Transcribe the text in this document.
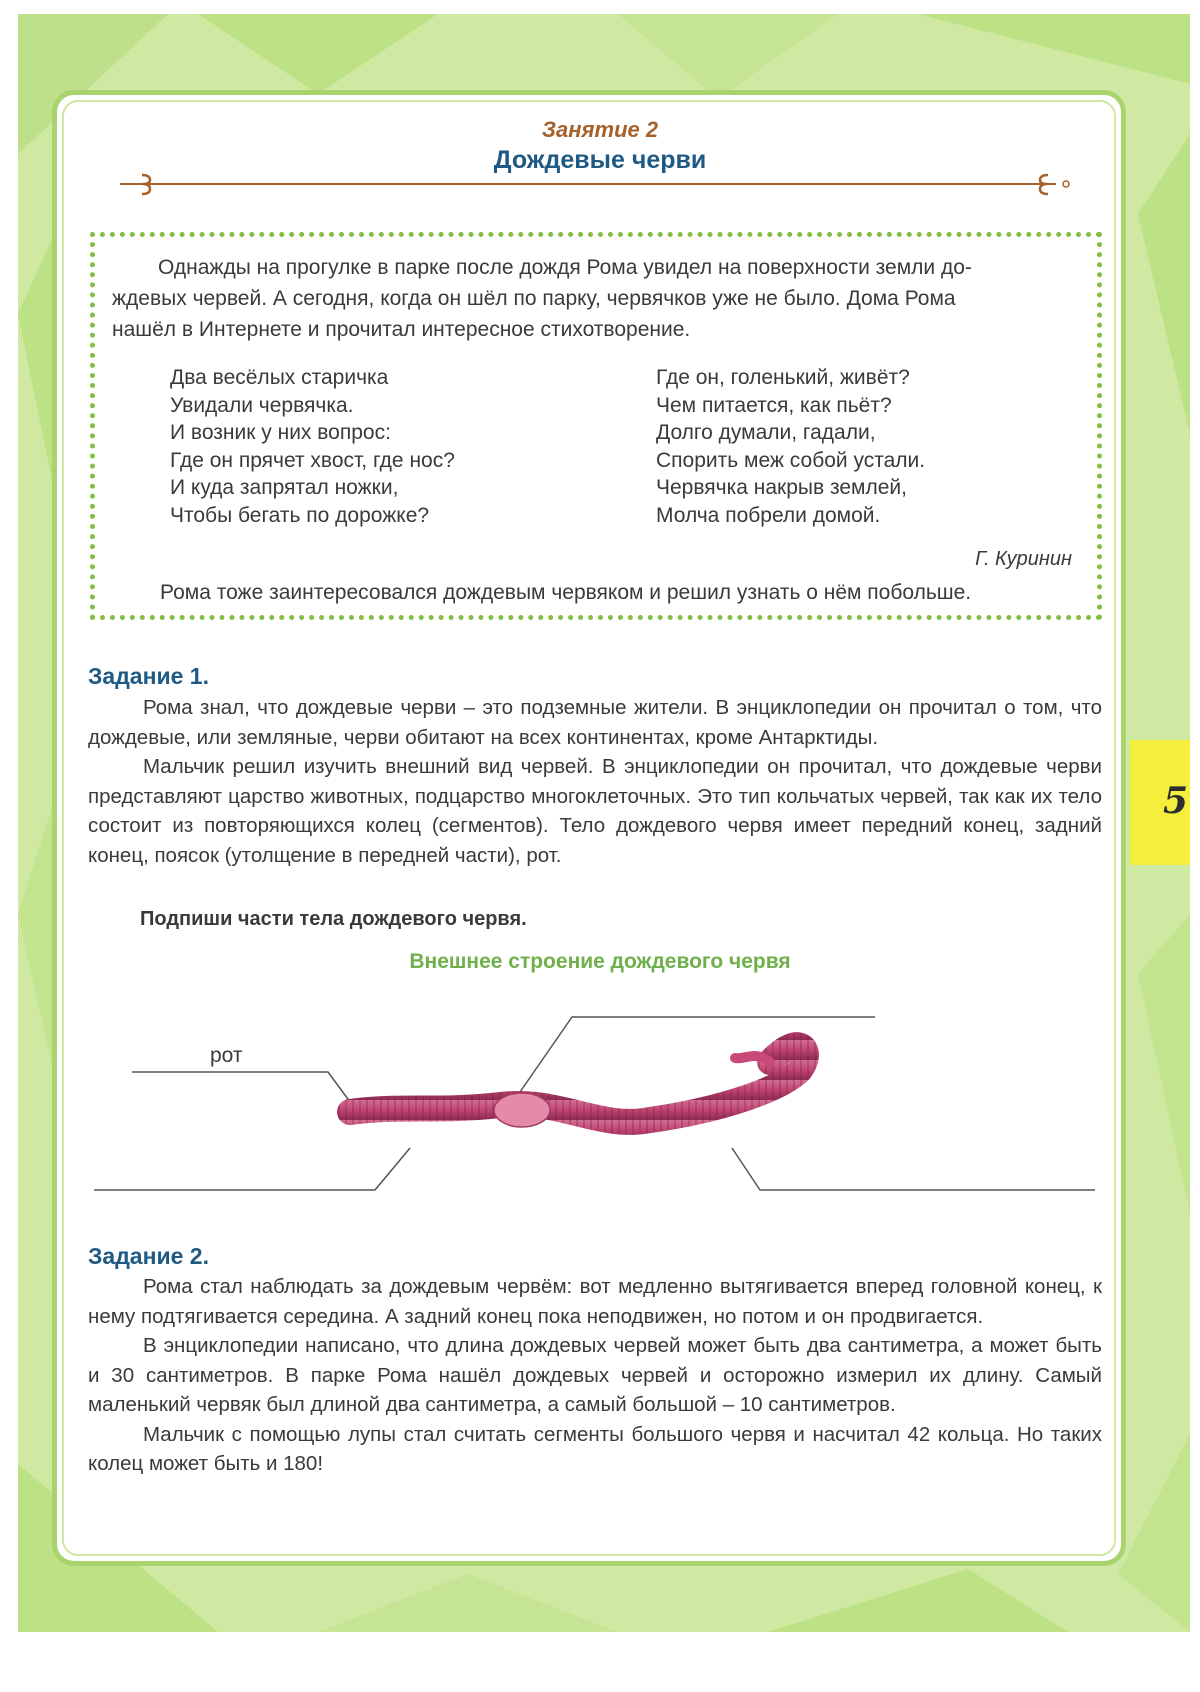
5
Занятие 2
Дождевые черви
Однажды на прогулке в парке после дождя Рома увидел на поверхности земли до-
ждевых червей. А сегодня, когда он шёл по парку, червячков уже не было. Дома Рома
нашёл в Интернете и прочитал интересное стихотворение.
Два весёлых старичка
Увидали червячка.
И возник у них вопрос:
Где он прячет хвост, где нос?
И куда запрятал ножки,
Чтобы бегать по дорожке?
Где он, голенький, живёт?
Чем питается, как пьёт?
Долго думали, гадали,
Спорить меж собой устали.
Червячка накрыв землей,
Молча побрели домой.
Г. Куринин
Рома тоже заинтересовался дождевым червяком и решил узнать о нём побольше.
Задание 1.

Рома знал, что дождевые черви – это подземные жители. В энциклопедии он прочитал о том, что дождевые, или земляные, черви обитают на всех континентах, кроме Антарктиды.

Мальчик решил изучить внешний вид червей. В энциклопедии он прочитал, что дождевые черви представляют царство животных, подцарство многоклеточных. Это тип кольчатых червей, так как их тело состоит из повторяющихся колец (сегментов). Тело дождевого червя имеет передний конец, задний конец, поясок (утолщение в передней части), рот.

Подпиши части тела дождевого червя.
Внешнее строение дождевого червя
рот
Задание 2.

Рома стал наблюдать за дождевым червём: вот медленно вытягивается вперед головной конец, к нему подтягивается середина. А задний конец пока неподвижен, но потом и он продвигается.

В энциклопедии написано, что длина дождевых червей может быть два сантиметра, а может быть и 30 сантиметров. В парке Рома нашёл дождевых червей и осторожно измерил их длину. Самый маленький червяк был длиной два сантиметра, а самый большой – 10 сантиметров.

Мальчик с помощью лупы стал считать сегменты большого червя и насчитал 42 кольца. Но таких колец может быть и 180!
